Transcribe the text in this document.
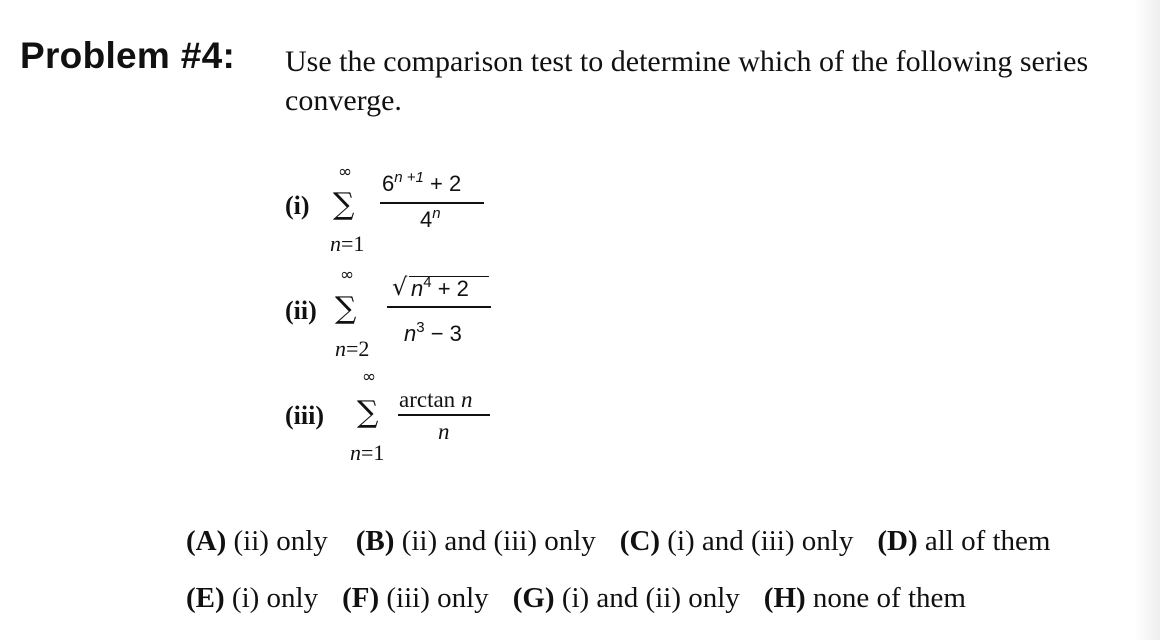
Problem #4: Use the comparison test to determine which of the following series
converge.
(i)
∞
∑
n=1
$6^{n +1} + 2$
4$^n$
(ii)
∞
∑
n=2
√ $n^4 + 2$
$n^3 - 3$
(iii)
∞
∑
n=1
arctan n
n
(A) (ii) only (B) (ii) and (iii) only (C) (i) and (iii) only (D) all of them
(E) (i) only (F) (iii) only (G) (i) and (ii) only (H) none of them
